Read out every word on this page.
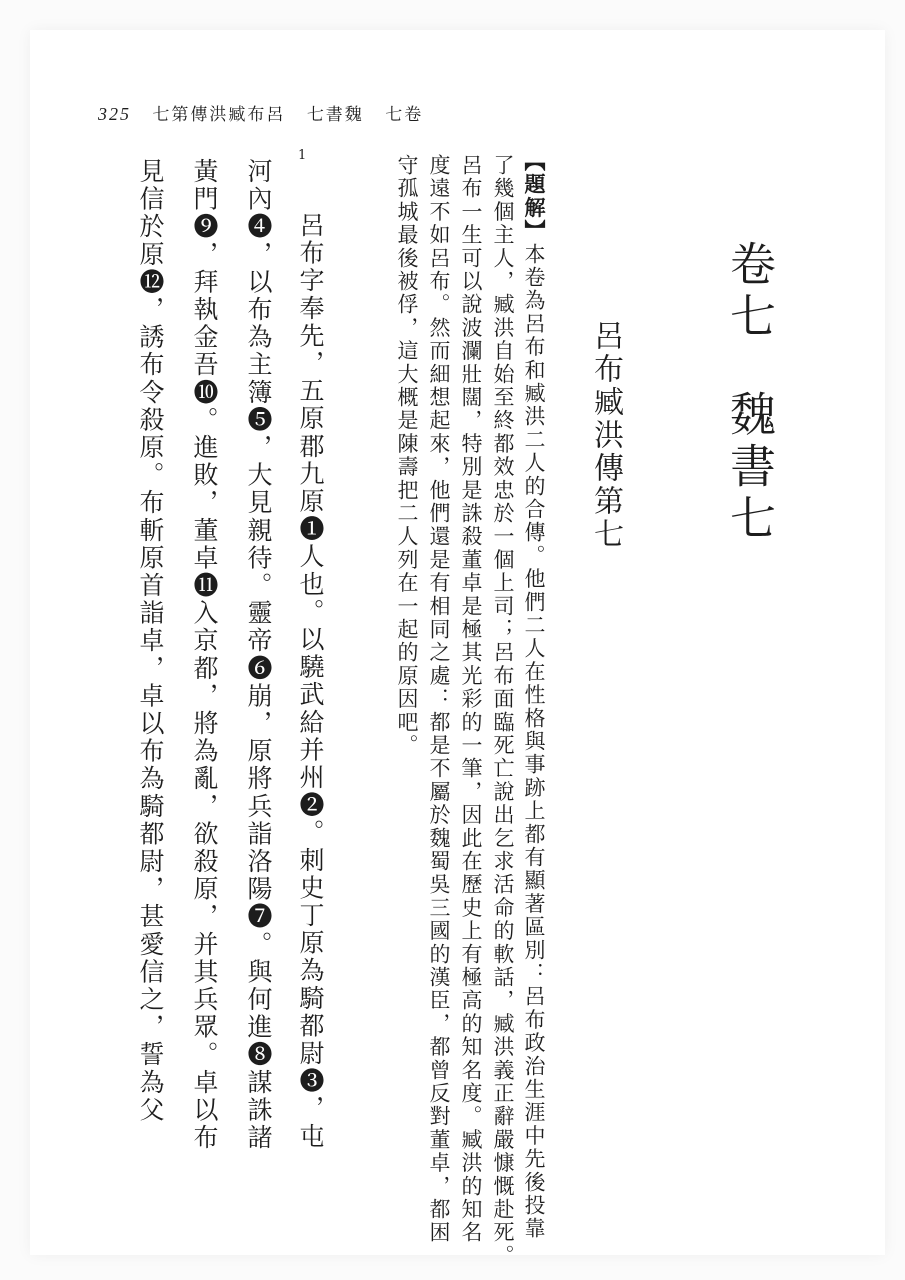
325 七第傳洪臧布呂 七書魏 七卷
卷七魏書七
呂布臧洪傳第七
【題解】本卷為呂布和臧洪二人的合傳。他們二人在性格與事跡上都有顯著區別：呂布政治生涯中先後投靠
了幾個主人，臧洪自始至終都效忠於一個上司；呂布面臨死亡說出乞求活命的軟話，臧洪義正辭嚴慷慨赴死。
呂布一生可以說波瀾壯闊，特別是誅殺董卓是極其光彩的一筆，因此在歷史上有極高的知名度。臧洪的知名
度遠不如呂布。然而細想起來，他們還是有相同之處：都是不屬於魏蜀吳三國的漢臣，都曾反對董卓，都困
守孤城最後被俘，這大概是陳壽把二人列在一起的原因吧。
1
呂布字奉先，五原郡九原❶人也。以驍武給并州❷。刺史丁原為騎都尉❸，屯
河內❹，以布為主簿❺，大見親待。靈帝❻崩，原將兵詣洛陽❼。與何進❽謀誅諸
黃門❾，拜執金吾❿。進敗，董卓⓫入京都，將為亂，欲殺原，并其兵眾。卓以布
見信於原⓬，誘布令殺原。布斬原首詣卓，卓以布為騎都尉，甚愛信之，誓為父
